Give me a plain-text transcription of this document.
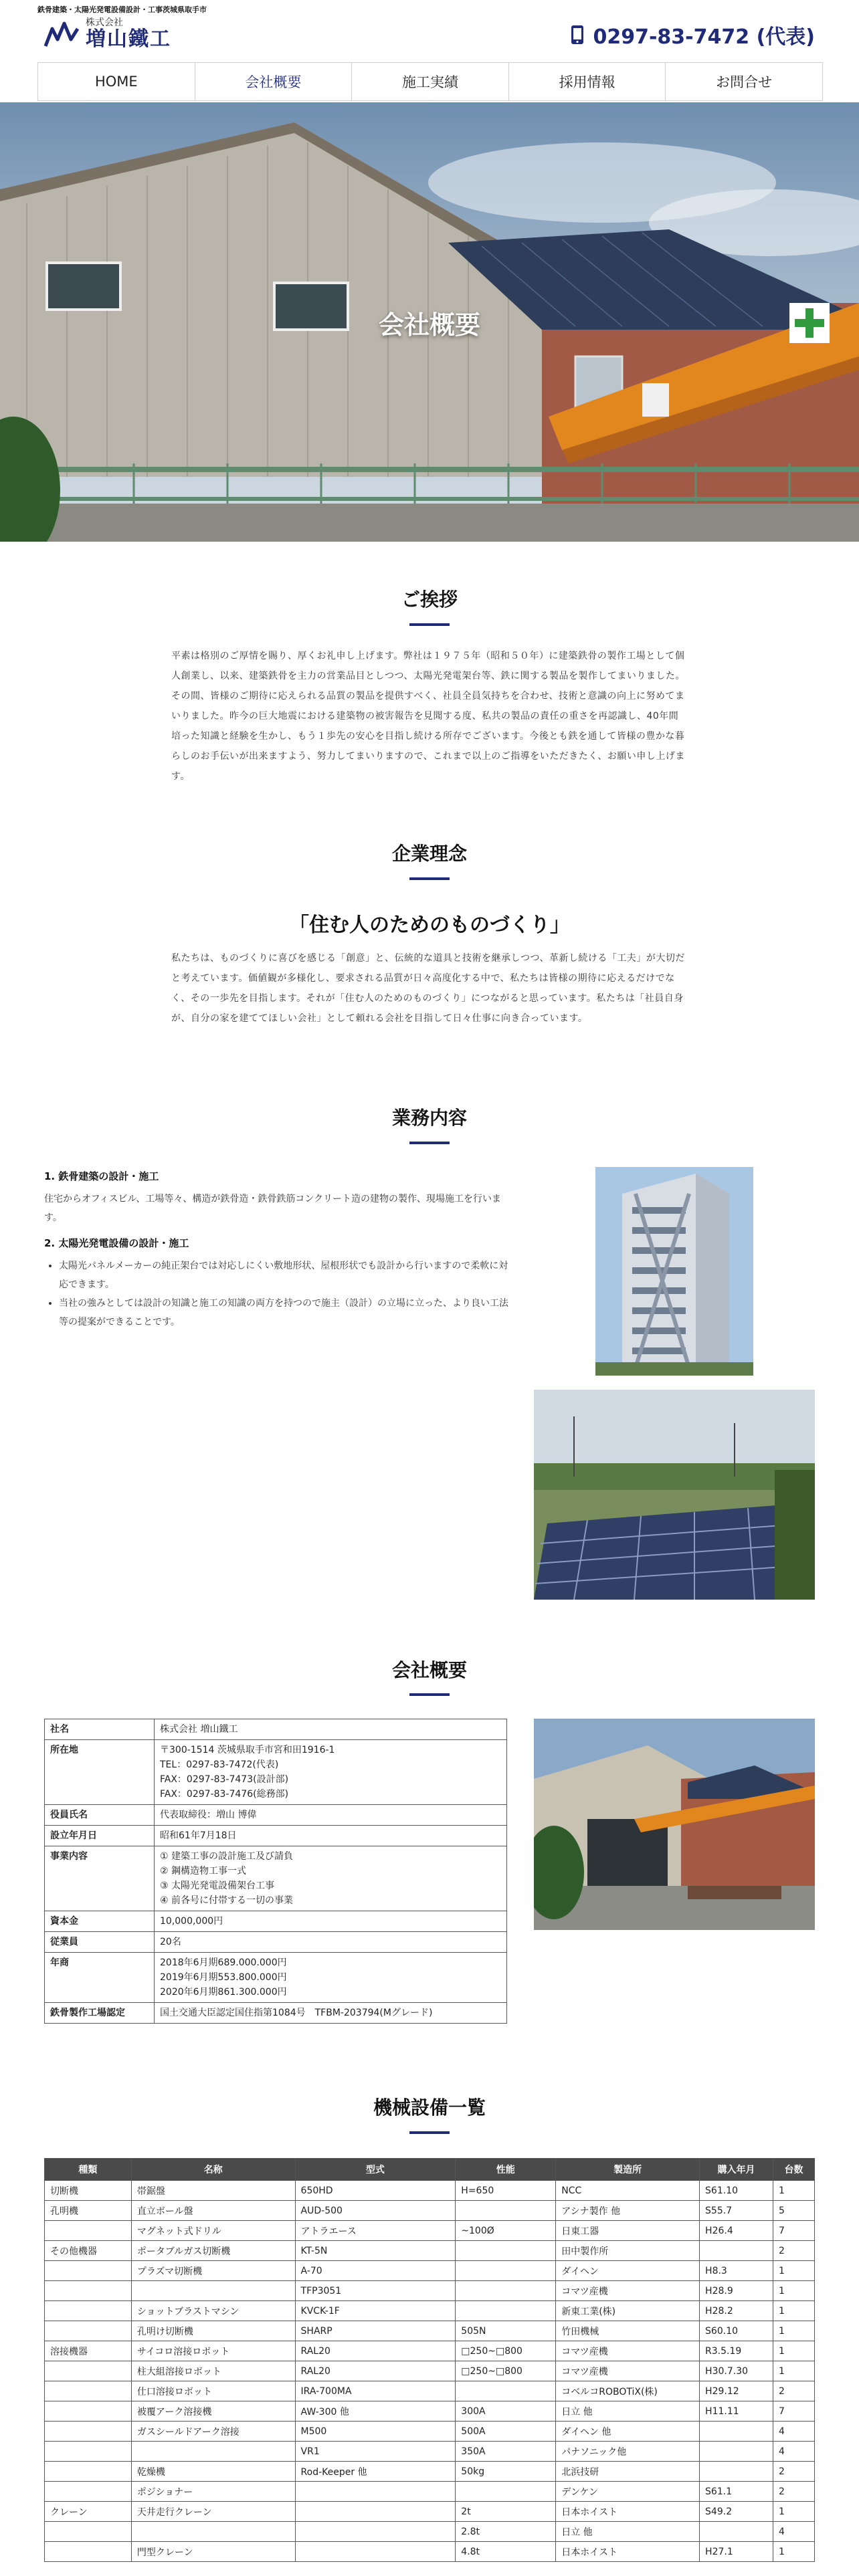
鉄骨建築・太陽光発電設備設計・工事茨城県取手市
株式会社
増山鐵工	0297-83-7472 (代表)
HOME	会社概要	施工実績	採用情報	お問合せ
会社概要
ご挨拶
平素は格別のご厚情を賜り、厚くお礼申し上げます。弊社は１９７５年（昭和５０年）に建築鉄骨の製作工場として個人創業し、以来、建築鉄骨を主力の営業品目としつつ、太陽光発電架台等、鉄に関する製品を製作してまいりました。その間、皆様のご期待に応えられる品質の製品を提供すべく、社員全員気持ちを合わせ、技術と意識の向上に努めてまいりました。昨今の巨大地震における建築物の被害報告を見聞する度、私共の製品の責任の重さを再認識し、40年間培った知識と経験を生かし、もう１歩先の安心を目指し続ける所存でございます。今後とも鉄を通して皆様の豊かな暮らしのお手伝いが出来ますよう、努力してまいりますので、これまで以上のご指導をいただきたく、お願い申し上げます。
企業理念
「住む人のためのものづくり」
私たちは、ものづくりに喜びを感じる「創意」と、伝統的な道具と技術を継承しつつ、革新し続ける「工夫」が大切だと考えています。価値観が多様化し、要求される品質が日々高度化する中で、私たちは皆様の期待に応えるだけでなく、その一歩先を目指します。それが「住む人のためのものづくり」につながると思っています。私たちは「社員自身が、自分の家を建ててほしい会社」として頼れる会社を目指して日々仕事に向き合っています。
業務内容
1. 鉄骨建築の設計・施工

住宅からオフィスビル、工場等々、構造が鉄骨造・鉄骨鉄筋コンクリート造の建物の製作、現場施工を行います。

2. 太陽光発電設備の設計・施工
• 太陽光パネルメーカーの純正架台では対応しにくい敷地形状、屋根形状でも設計から行いますので柔軟に対応できます。
• 当社の強みとしては設計の知識と施工の知識の両方を持つので施主（設計）の立場に立った、より良い工法等の提案ができることです。
会社概要
社名	株式会社 増山鐵工

所在地	〒300-1514 茨城県取手市宮和田1916-1
TEL：0297-83-7472(代表)
FAX：0297-83-7473(設計部)
FAX：0297-83-7476(総務部)

役員氏名	代表取締役：増山 博偉

設立年月日	昭和61年7月18日

事業内容	① 建築工事の設計施工及び請負
② 鋼構造物工事一式
③ 太陽光発電設備架台工事
④ 前各号に付帯する一切の事業

資本金	10,000,000円

従業員	20名

年商	2018年6月期689.000.000円
2019年6月期553.800.000円
2020年6月期861.300.000円

鉄骨製作工場認定	国土交通大臣認定国住指第1084号　TFBM-203794(Mグレード)
機械設備一覧
種類	名称	型式	性能	製造所	購入年月	台数
切断機	帯鋸盤	650HD	H=650	NCC	S61.10	1
孔明機	直立ボール盤	AUD-500		アシナ製作 他	S55.7	5
	マグネット式ドリル	アトラエース	~100Ø	日東工器	H26.4	7
その他機器	ポータブルガス切断機	KT-5N		田中製作所		2
	プラズマ切断機	A-70		ダイヘン	H8.3	1
		TFP3051		コマツ産機	H28.9	1
	ショットブラストマシン	KVCK-1F		新東工業(株)	H28.2	1
	孔明け切断機	SHARP	505N	竹田機械	S60.10	1
溶接機器	サイコロ溶接ロボット	RAL20	□250~□800	コマツ産機	R3.5.19	1
	柱大組溶接ロボット	RAL20	□250~□800	コマツ産機	H30.7.30	1
	仕口溶接ロボット	IRA-700MA		コベルコROBOTiX(株)	H29.12	2
	被覆アーク溶接機	AW-300 他	300A	日立 他	H11.11	7
	ガスシールドアーク溶接	M500	500A	ダイヘン 他		4
		VR1	350A	パナソニック他		4
	乾燥機	Rod-Keeper 他	50kg	北浜技研		2
	ポジショナー			デンケン	S61.1	2
クレーン	天井走行クレーン		2t	日本ホイスト	S49.2	1
			2.8t	日立 他		4
	門型クレーン		4.8t	日本ホイスト	H27.1	1
